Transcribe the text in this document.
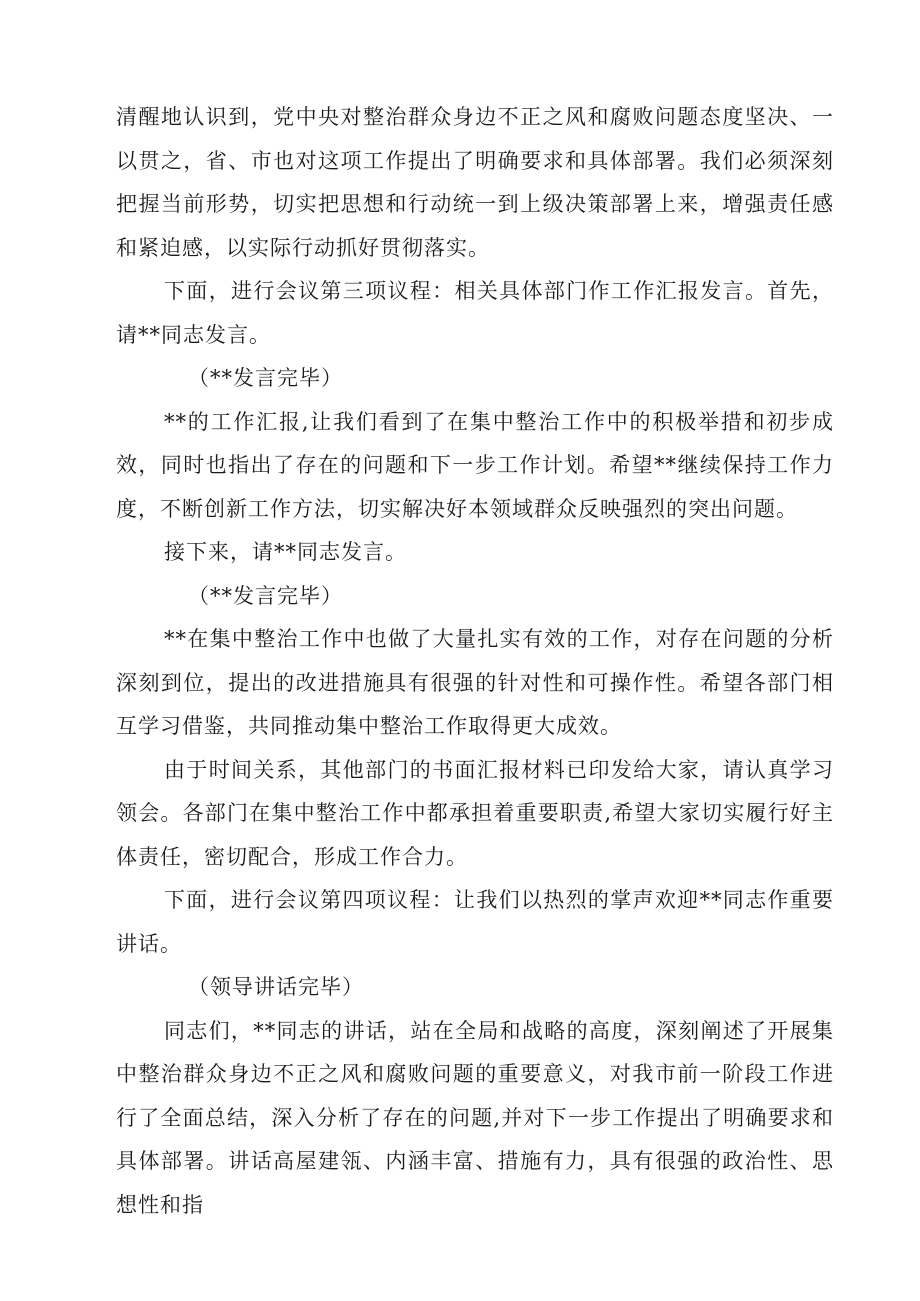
清醒地认识到，党中央对整治群众身边不正之风和腐败问题态度坚决、一以贯之，省、市也对这项工作提出了明确要求和具体部署。我们必须深刻把握当前形势，切实把思想和行动统一到上级决策部署上来，增强责任感和紧迫感，以实际行动抓好贯彻落实。

下面，进行会议第三项议程：相关具体部门作工作汇报发言。首先，请**同志发言。

（**发言完毕）

**的工作汇报,让我们看到了在集中整治工作中的积极举措和初步成效，同时也指出了存在的问题和下一步工作计划。希望**继续保持工作力度，不断创新工作方法，切实解决好本领域群众反映强烈的突出问题。

接下来，请**同志发言。

（**发言完毕）

**在集中整治工作中也做了大量扎实有效的工作，对存在问题的分析深刻到位，提出的改进措施具有很强的针对性和可操作性。希望各部门相互学习借鉴，共同推动集中整治工作取得更大成效。

由于时间关系，其他部门的书面汇报材料已印发给大家，请认真学习领会。各部门在集中整治工作中都承担着重要职责,希望大家切实履行好主体责任，密切配合，形成工作合力。

下面，进行会议第四项议程：让我们以热烈的掌声欢迎**同志作重要讲话。

（领导讲话完毕）

同志们，**同志的讲话，站在全局和战略的高度，深刻阐述了开展集中整治群众身边不正之风和腐败问题的重要意义，对我市前一阶段工作进行了全面总结，深入分析了存在的问题,并对下一步工作提出了明确要求和具体部署。讲话高屋建瓴、内涵丰富、措施有力，具有很强的政治性、思想性和指
